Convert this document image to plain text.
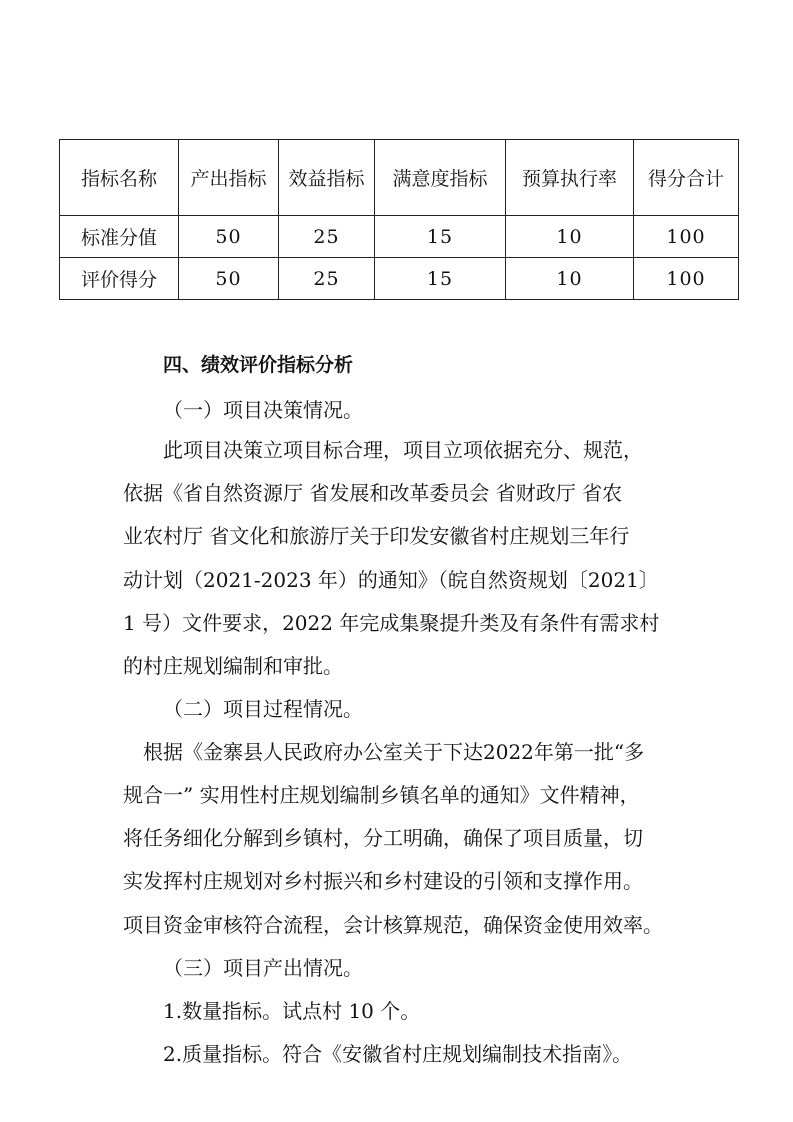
指标名称	产出指标	效益指标	满意度指标	预算执行率	得分合计
标准分值	50	25	15	10	100
评价得分	50	25	15	10	100

四、绩效评价指标分析

（一）项目决策情况。

此项目决策立项目标合理，项目立项依据充分、规范，

依据《省自然资源厅 省发展和改革委员会 省财政厅 省农

业农村厅 省文化和旅游厅关于印发安徽省村庄规划三年行

动计划（2021-2023 年）的通知》（皖自然资规划〔2021〕

1 号）文件要求，2022 年完成集聚提升类及有条件有需求村

的村庄规划编制和审批。

（二）项目过程情况。

根据《金寨县人民政府办公室关于下达2022年第一批“多

规合一” 实用性村庄规划编制乡镇名单的通知》文件精神，

将任务细化分解到乡镇村，分工明确，确保了项目质量，切

实发挥村庄规划对乡村振兴和乡村建设的引领和支撑作用。

项目资金审核符合流程，会计核算规范，确保资金使用效率。

（三）项目产出情况。

1.数量指标。试点村 10 个。

2.质量指标。符合《安徽省村庄规划编制技术指南》。
